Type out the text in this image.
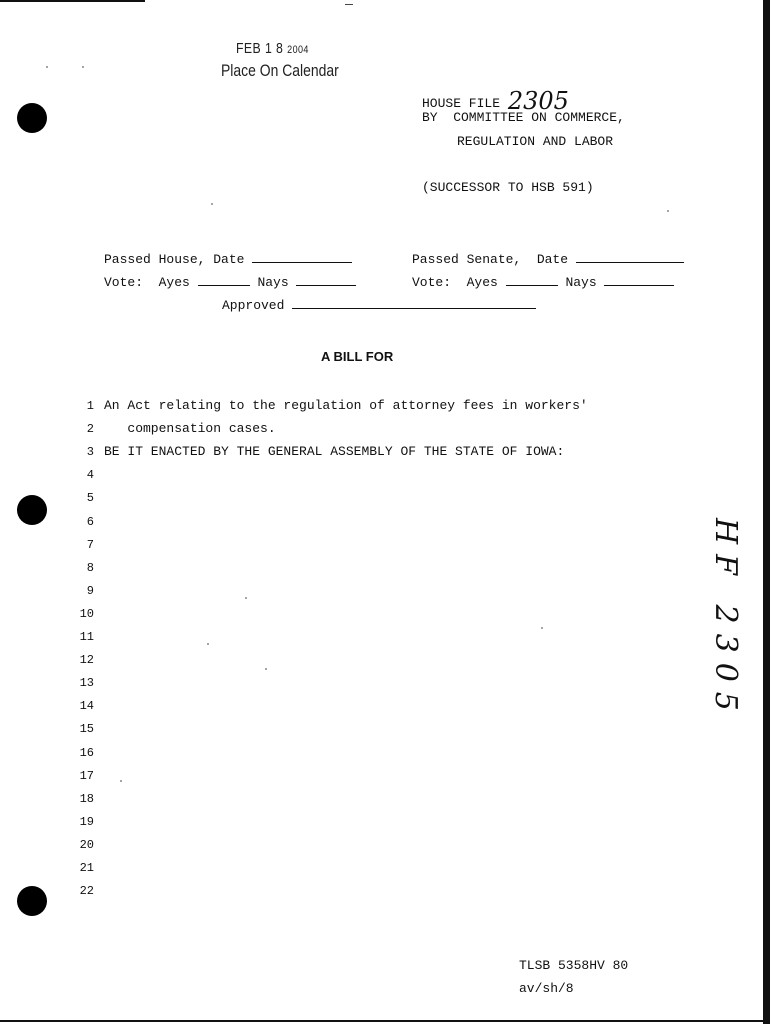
FEB 1 8 2004
Place On Calendar
HOUSE FILE 2305
BY  COMMITTEE ON COMMERCE,
REGULATION AND LABOR
(SUCCESSOR TO HSB 591)
Passed House, Date	Passed Senate,  Date
Vote:  Ayes	Nays	Vote:  Ayes	Nays
Approved
A BILL FOR
1 An Act relating to the regulation of attorney fees in workers'
2 compensation cases.
3 BE IT ENACTED BY THE GENERAL ASSEMBLY OF THE STATE OF IOWA:
4
5
6
7
8
9
10
11
12
13
14
15
16
17
18
19
20
21
22
TLSB 5358HV 80
av/sh/8
HF 2305
